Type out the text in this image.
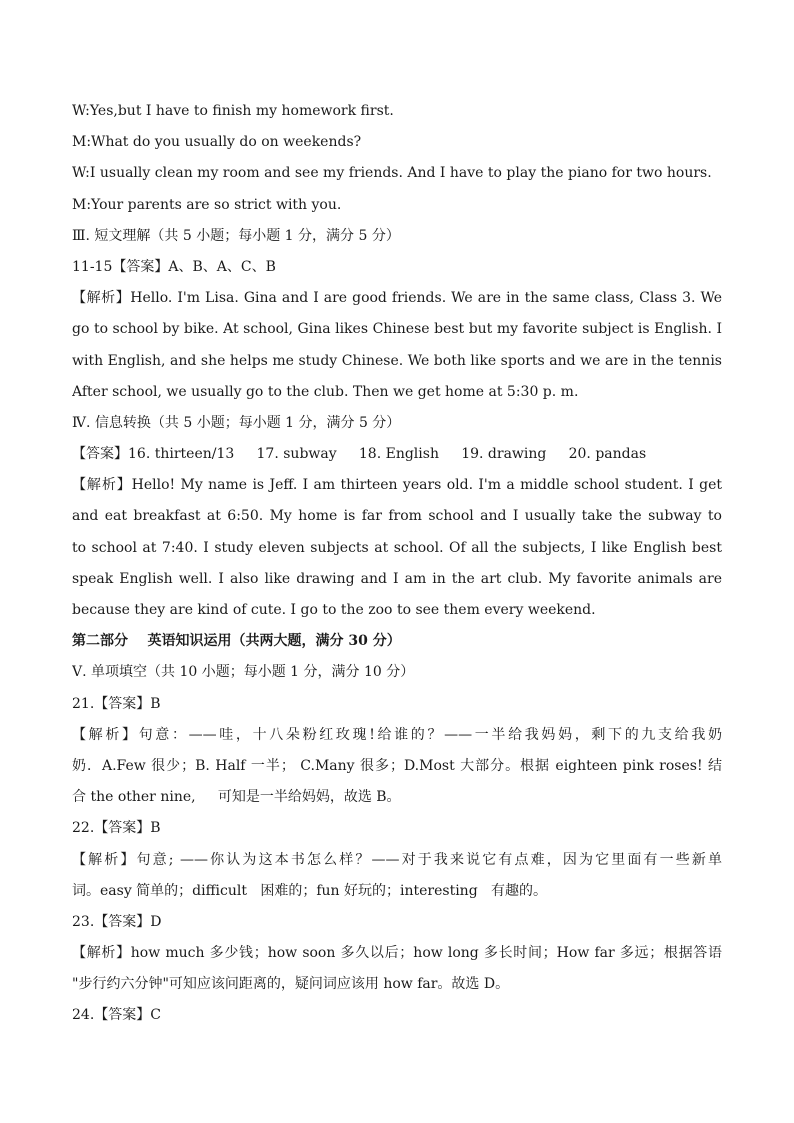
W:Yes,but I have to finish my homework first.
M:What do you usually do on weekends?
W:I usually clean my room and see my friends. And I have to play the piano for two hours.
M:Your parents are so strict with you.
Ⅲ. 短文理解（共 5 小题；每小题 1 分，满分 5 分）
11-15【答案】A、B、A、C、B
【解析】Hello. I'm Lisa. Gina and I are good friends. We are in the same class, Class 3. We
go to school by bike. At school, Gina likes Chinese best but my favorite subject is English. I
with English, and she helps me study Chinese. We both like sports and we are in the tennis
After school, we usually go to the club. Then we get home at 5:30 p. m.
Ⅳ. 信息转换（共 5 小题；每小题 1 分，满分 5 分）
【答案】16. thirteen/13     17. subway     18. English     19. drawing     20. pandas
【解析】Hello! My name is Jeff. I am thirteen years old. I'm a middle school student. I get
and eat breakfast at 6:50. My home is far from school and I usually take the subway to
to school at 7:40. I study eleven subjects at school. Of all the subjects, I like English best
speak English well. I also like drawing and I am in the art club. My favorite animals are
because they are kind of cute. I go to the zoo to see them every weekend.
第二部分    英语知识运用（共两大题，满分 30 分）
Ⅴ. 单项填空（共 10 小题；每小题 1 分，满分 10 分）
21.【答案】B
【解析】句意：——哇，十八朵粉红玫瑰!给谁的？——一半给我妈妈，剩下的九支给我奶
奶．A.Few 很少；B. Half 一半； C.Many 很多；D.Most 大部分。根据 eighteen pink roses! 结
合 the other nine,     可知是一半给妈妈，故选 B。
22.【答案】B
【解析】句意; ——你认为这本书怎么样？——对于我来说它有点难，因为它里面有一些新单
词。easy 简单的；difficult   困难的；fun 好玩的；interesting   有趣的。
23.【答案】D
【解析】how much 多少钱；how soon 多久以后；how long 多长时间；How far 多远；根据答语
"步行约六分钟"可知应该问距离的，疑问词应该用 how far。故选 D。
24.【答案】C
